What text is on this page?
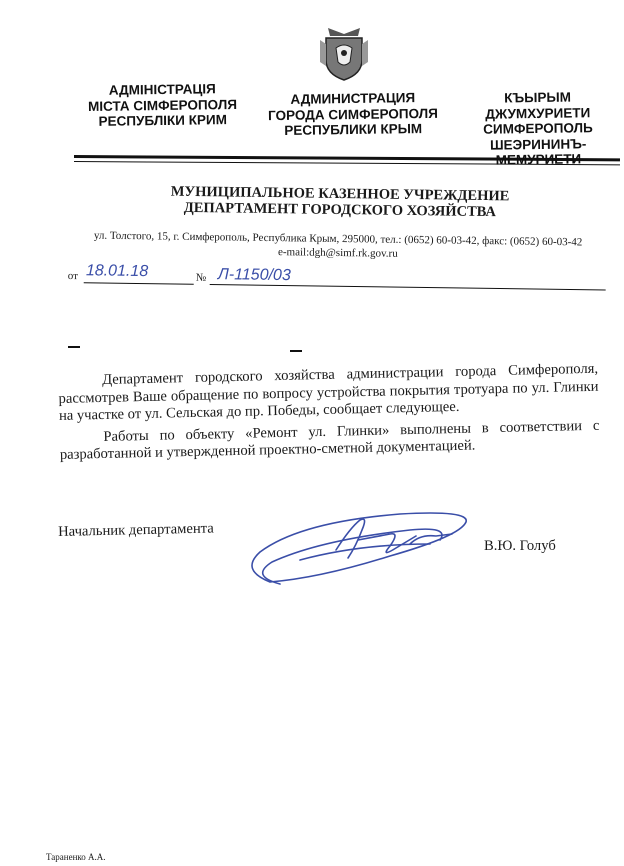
АДМІНІСТРАЦІЯ
МІСТА СІМФЕРОПОЛЯ
РЕСПУБЛІКИ КРИМ
АДМИНИСТРАЦИЯ
ГОРОДА СИМФЕРОПОЛЯ
РЕСПУБЛИКИ КРЫМ
КЪЫРЫМ ДЖУМХУРИЕТИ
СИМФЕРОПОЛЬ
ШЕЭРИНИНЪ-
МУНИЦИПАЛЬНОЕ КАЗЕННОЕ УЧРЕЖДЕНИЕ
ДЕПАРТАМЕНТ ГОРОДСКОГО ХОЗЯЙСТВА
ул. Толстого, 15, г. Симферополь, Республика Крым, 295000, тел.: (0652) 60-03-42, факс: (0652) 60-03-42
e-mail:dgh@simf.rk.gov.ru
от 18.01.18	№ Л-1150/03

Департамент городского хозяйства администрации города Симферополя, рассмотрев Ваше обращение по вопросу устройства покрытия тротуара по ул. Глинки на участке от ул. Сельская до пр. Победы, сообщает следующее.

Работы по объекту «Ремонт ул. Глинки» выполнены в соответствии с разработанной и утвержденной проектно-сметной документацией.

Начальник департамента
В.Ю. Голуб
Тараненко А.А.
